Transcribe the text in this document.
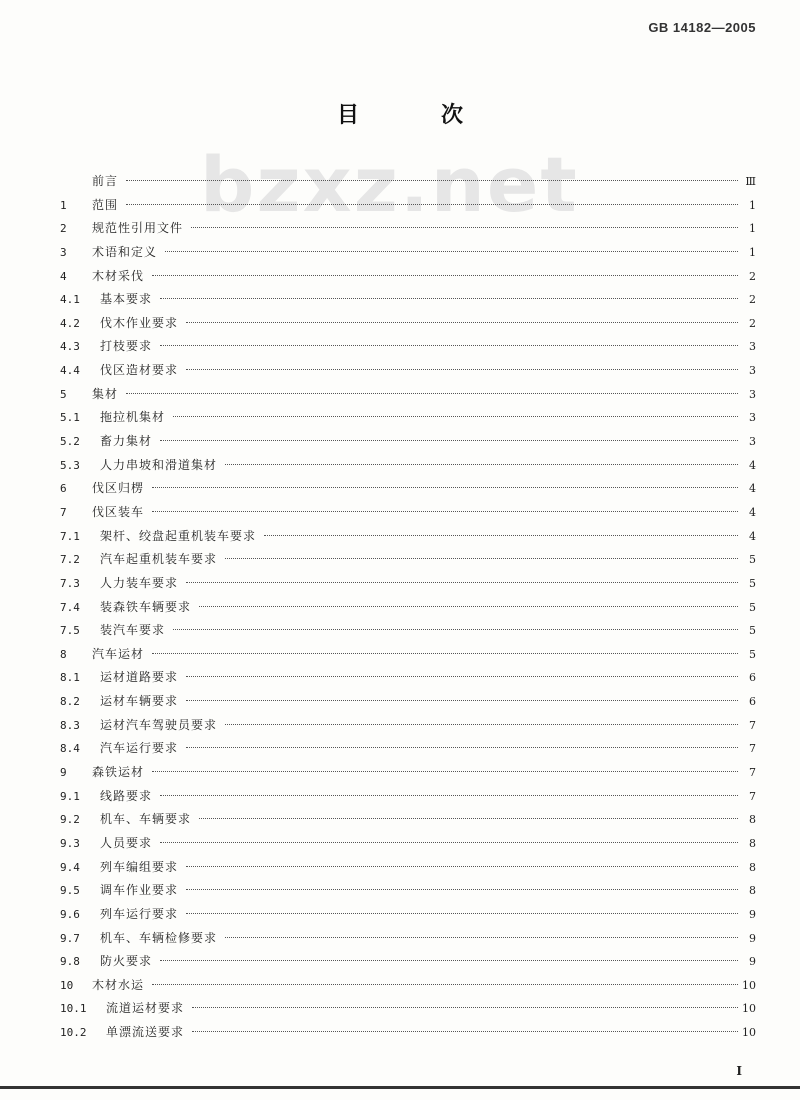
GB 14182—2005
bzxz.net
目　次
前言	Ⅲ
1	范围	1
2	规范性引用文件	1
3	术语和定义	1
4	木材采伐	2
4.1	基本要求	2
4.2	伐木作业要求	2
4.3	打枝要求	3
4.4	伐区造材要求	3
5	集材	3
5.1	拖拉机集材	3
5.2	畜力集材	3
5.3	人力串坡和滑道集材	4
6	伐区归楞	4
7	伐区装车	4
7.1	架杆、绞盘起重机装车要求	4
7.2	汽车起重机装车要求	5
7.3	人力装车要求	5
7.4	装森铁车辆要求	5
7.5	装汽车要求	5
8	汽车运材	5
8.1	运材道路要求	6
8.2	运材车辆要求	6
8.3	运材汽车驾驶员要求	7
8.4	汽车运行要求	7
9	森铁运材	7
9.1	线路要求	7
9.2	机车、车辆要求	8
9.3	人员要求	8
9.4	列车编组要求	8
9.5	调车作业要求	8
9.6	列车运行要求	9
9.7	机车、车辆检修要求	9
9.8	防火要求	9
10	木材水运	10
10.1	流道运材要求	10
10.2	单漂流送要求	10
Ⅰ
